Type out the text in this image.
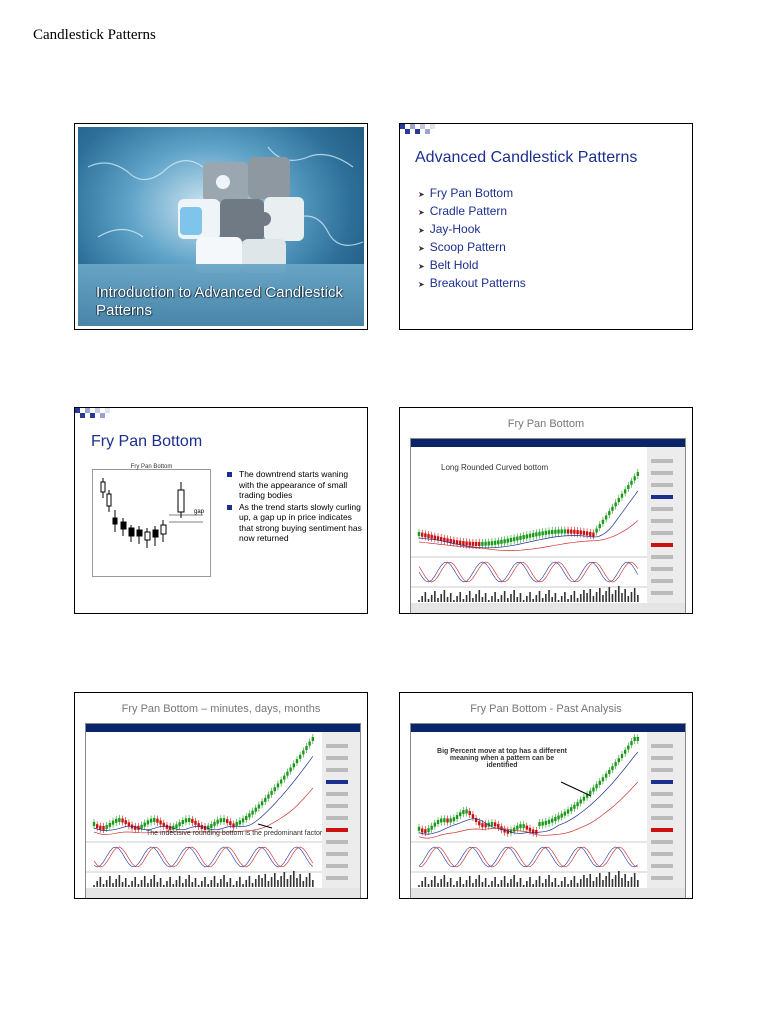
Candlestick Patterns
Introduction to Advanced Candlestick Patterns
Advanced Candlestick Patterns
➤ Fry Pan Bottom
➤ Cradle Pattern
➤ Jay-Hook
➤ Scoop Pattern
➤ Belt Hold
➤ Breakout Patterns
Fry Pan Bottom
Fry Pan Bottom
gap
The downtrend starts waning with the appearance of small trading bodies
As the trend starts slowly curling up, a gap up in price indicates that strong buying sentiment has now returned
Fry Pan Bottom
Long Rounded Curved bottom
Fry Pan Bottom – minutes, days, months
The indecisive rounding bottom is the predominant factor
Fry Pan Bottom - Past Analysis
Big Percent move at top has a different meaning when a pattern can be identified
